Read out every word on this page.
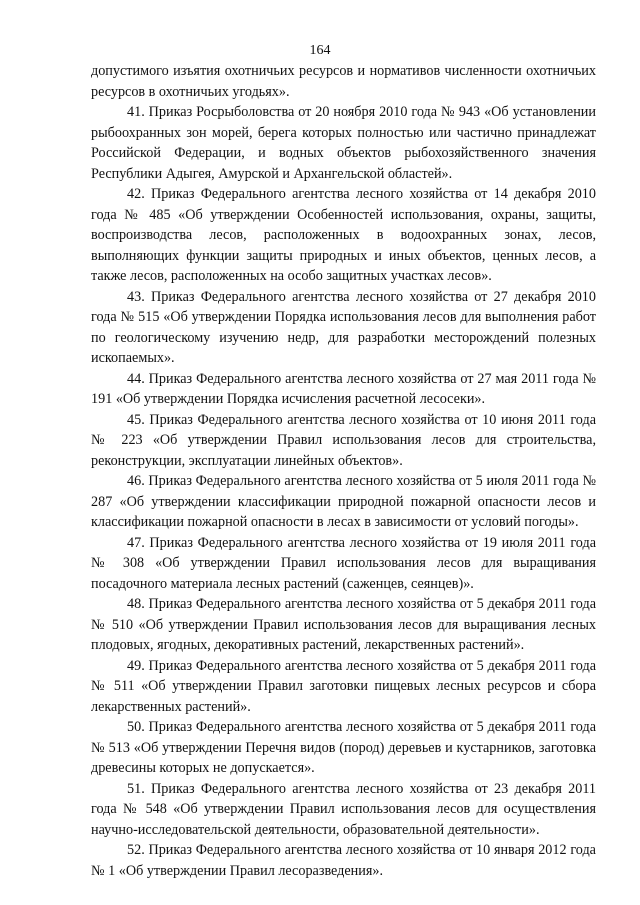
164

допустимого изъятия охотничьих ресурсов и нормативов численности охотничьих ресурсов в охотничьих угодьях».

41. Приказ Росрыболовства от 20 ноября 2010 года № 943 «Об установлении рыбоохранных зон морей, берега которых полностью или частично принадлежат Российской Федерации, и водных объектов рыбохозяйственного значения Республики Адыгея, Амурской и Архангельской областей».

42. Приказ Федерального агентства лесного хозяйства от 14 декабря 2010 года № 485 «Об утверждении Особенностей использования, охраны, защиты, воспроизводства лесов, расположенных в водоохранных зонах, лесов, выполняющих функции защиты природных и иных объектов, ценных лесов, а также лесов, расположенных на особо защитных участках лесов».

43. Приказ Федерального агентства лесного хозяйства от 27 декабря 2010 года № 515 «Об утверждении Порядка использования лесов для выполнения работ по геологическому изучению недр, для разработки месторождений полезных ископаемых».

44. Приказ Федерального агентства лесного хозяйства от 27 мая 2011 года № 191 «Об утверждении Порядка исчисления расчетной лесосеки».

45. Приказ Федерального агентства лесного хозяйства от 10 июня 2011 года № 223 «Об утверждении Правил использования лесов для строительства, реконструкции, эксплуатации линейных объектов».

46. Приказ Федерального агентства лесного хозяйства от 5 июля 2011 года № 287 «Об утверждении классификации природной пожарной опасности лесов и классификации пожарной опасности в лесах в зависимости от условий погоды».

47. Приказ Федерального агентства лесного хозяйства от 19 июля 2011 года № 308 «Об утверждении Правил использования лесов для выращивания посадочного материала лесных растений (саженцев, сеянцев)».

48. Приказ Федерального агентства лесного хозяйства от 5 декабря 2011 года № 510 «Об утверждении Правил использования лесов для выращивания лесных плодовых, ягодных, декоративных растений, лекарственных растений».

49. Приказ Федерального агентства лесного хозяйства от 5 декабря 2011 года № 511 «Об утверждении Правил заготовки пищевых лесных ресурсов и сбора лекарственных растений».

50. Приказ Федерального агентства лесного хозяйства от 5 декабря 2011 года № 513 «Об утверждении Перечня видов (пород) деревьев и кустарников, заготовка древесины которых не допускается».

51. Приказ Федерального агентства лесного хозяйства от 23 декабря 2011 года № 548 «Об утверждении Правил использования лесов для осуществления научно-исследовательской деятельности, образовательной деятельности».

52. Приказ Федерального агентства лесного хозяйства от 10 января 2012 года № 1 «Об утверждении Правил лесоразведения».
